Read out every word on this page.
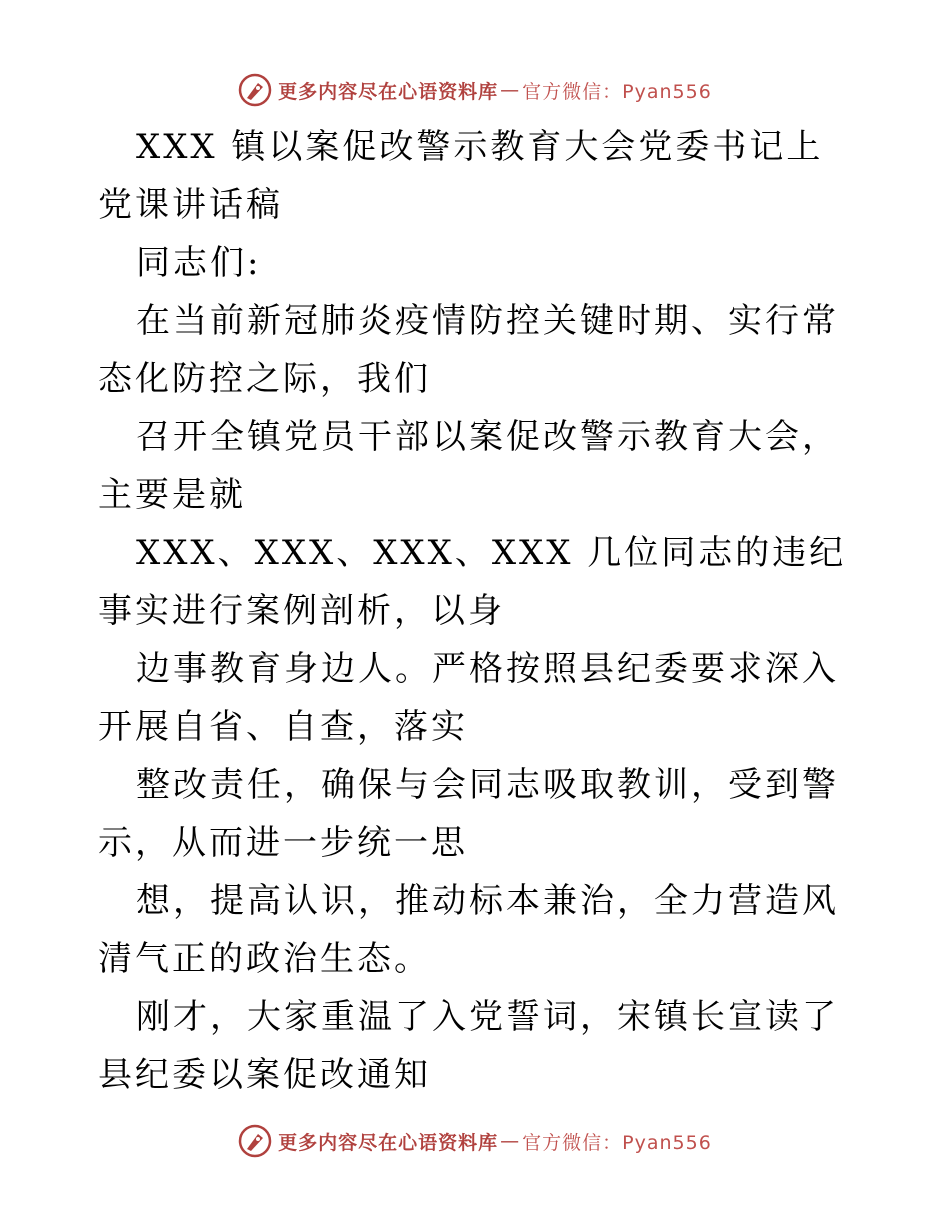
更多内容尽在心语资料库 — 官方微信：Pyan556

XXX 镇以案促改警示教育大会党委书记上党课讲话稿

同志们:

在当前新冠肺炎疫情防控关键时期、实行常态化防控之际，我们

召开全镇党员干部以案促改警示教育大会，主要是就

XXX、XXX、XXX、XXX 几位同志的违纪事实进行案例剖析，以身

边事教育身边人。严格按照县纪委要求深入开展自省、自查，落实

整改责任，确保与会同志吸取教训，受到警示，从而进一步统一思

想，提高认识，推动标本兼治，全力营造风清气正的政治生态。

刚才，大家重温了入党誓词，宋镇长宣读了县纪委以案促改通知

更多内容尽在心语资料库 — 官方微信：Pyan556
